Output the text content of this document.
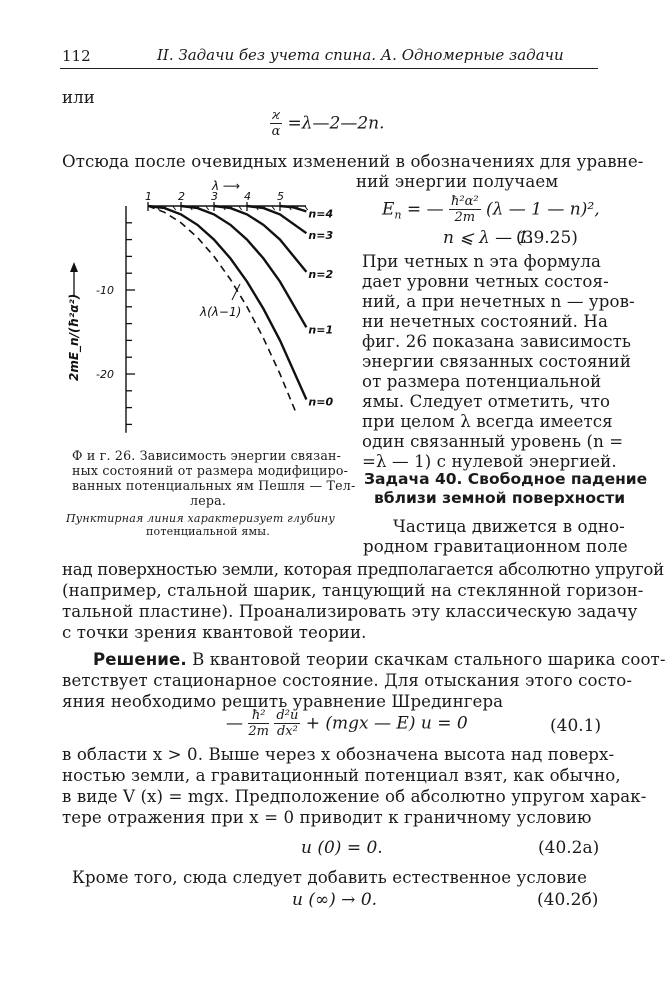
112	II. Задачи без учета спина. А. Одномерные задачи
или
$\frac{ϰ}{\alpha}$ =λ—2—2n.
Отсюда после очевидных изменений в обозначениях для уравне-
ний энергии получаем
$E_n$ = — $\frac{\text{ħ²α²}}{2m} (\lambda$ — 1 — n)²,
n ⩽ λ — 1.
(39.25)
При четных n эта формула
дает уровни четных состоя-
ний, а при нечетных n — уров-
ни нечетных состояний. На
фиг. 26 показана зависимость
энергии связанных состояний
от размера потенциальной
ямы. Следует отметить, что
при целом λ всегда имеется
один связанный уровень (n =
=λ — 1) с нулевой энергией.
λ ⟶
λ(λ−1)
2mE_n/(ħ²α²)
-10
-20
1 2 3 4 5
n=0
n=1
n=2
n=3
n=4
Ф и г. 26. Зависимость энергии связан-
ных состояний от размера модифициро-
ванных потенциальных ям Пешля — Тел-
лера.
Пунктирная линия характеризует глубину
потенциальной ямы.
Задача 40. Свободное падение
вблизи земной поверхности
Частица движется в одно-
родном гравитационном поле
над поверхностью земли, которая предполагается абсолютно упругой
(например, стальной шарик, танцующий на стеклянной горизон-
тальной пластине). Проанализировать эту классическую задачу
с точки зрения квантовой теории.
Решение. В квантовой теории скачкам стального шарика соот-
ветствует стационарное состояние. Для отыскания этого состо-
яния необходимо решить уравнение Шредингера
— $\frac{\text{ħ²}}{2m}$
$\frac{\text{d²u}}{\text{dx²}} + (mgx$ — E) u = 0	(40.1)
в области x > 0. Выше через x обозначена высота над поверх-
ностью земли, а гравитационный потенциал взят, как обычно,
в виде V (x) = mgx. Предположение об абсолютно упругом харак-
тере отражения при x = 0 приводит к граничному условию
u (0) = 0.	(40.2а)
Кроме того, сюда следует добавить естественное условие
u (∞) → 0.	(40.2б)
